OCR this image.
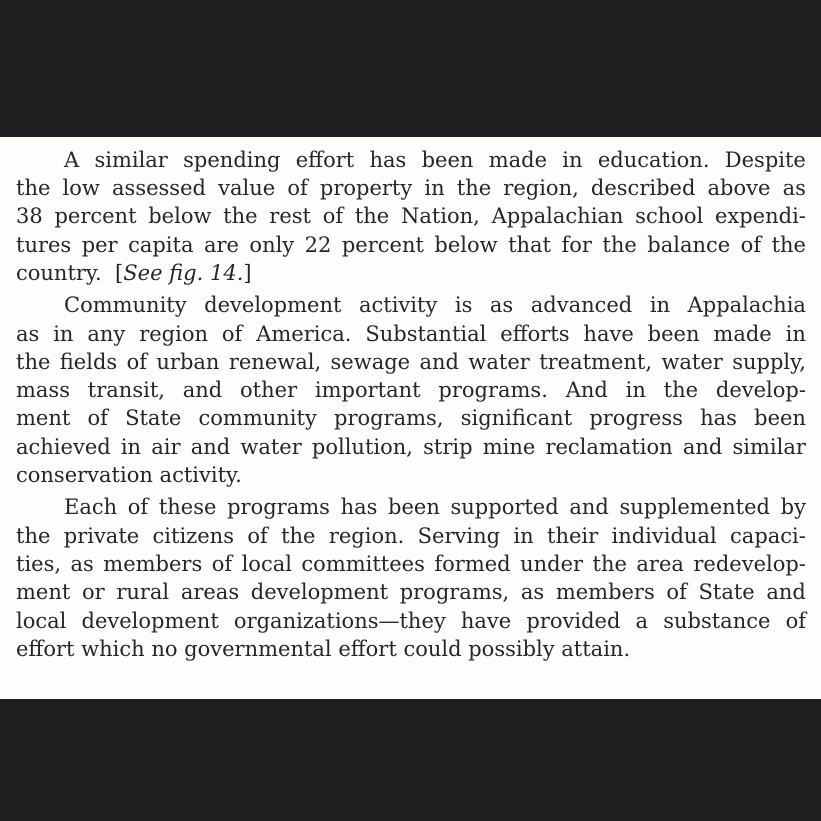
A similar spending effort has been made in education. Despite

the low assessed value of property in the region, described above as

38 percent below the rest of the Nation, Appalachian school expendi-

tures per capita are only 22 percent below that for the balance of the

country. [See fig. 14.]

Community development activity is as advanced in Appalachia

as in any region of America. Substantial efforts have been made in

the fields of urban renewal, sewage and water treatment, water supply,

mass transit, and other important programs. And in the develop-

ment of State community programs, significant progress has been

achieved in air and water pollution, strip mine reclamation and similar

conservation activity.

Each of these programs has been supported and supplemented by

the private citizens of the region. Serving in their individual capaci-

ties, as members of local committees formed under the area redevelop-

ment or rural areas development programs, as members of State and

local development organizations—they have provided a substance of

effort which no governmental effort could possibly attain.
